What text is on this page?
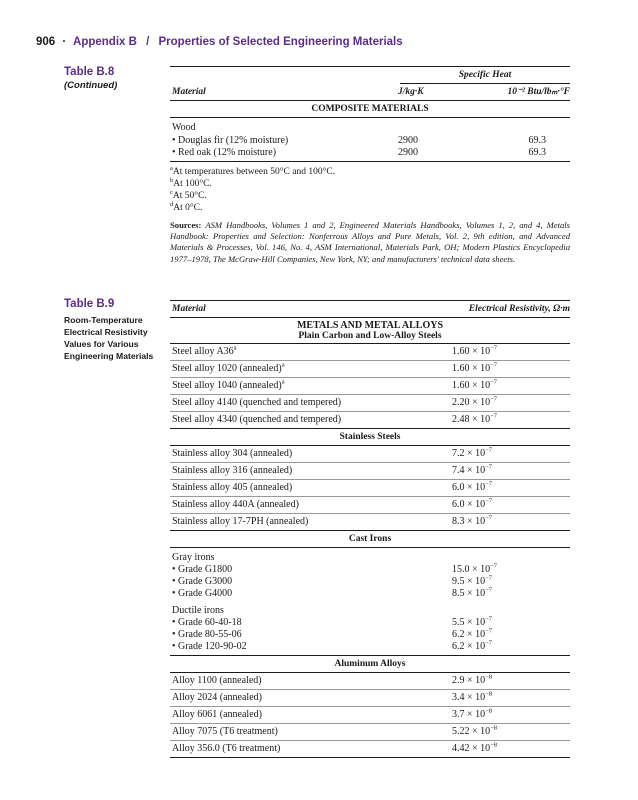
906 · Appendix B / Properties of Selected Engineering Materials
Table B.8
(Continued)
Specific Heat
Material	J/kg·K	10⁻² Btu/lbₘ·°F
COMPOSITE MATERIALS
Wood
• Douglas fir (12% moisture)	2900	69.3
• Red oak (12% moisture)	2900	69.3
$^a$At temperatures between 50°C and 100°C.
$^b$At 100°C.
$^c$At 50°C.
$^d$At 0°C.
Sources: ASM Handbooks, Volumes 1 and 2, Engineered Materials Handbooks, Volumes 1, 2, and 4, Metals Handbook: Properties and Selection: Nonferrous Alloys and Pure Metals, Vol. 2, 9th edition, and Advanced Materials & Processes, Vol. 146, No. 4, ASM International, Materials Park, OH; Modern Plastics Encyclopedia 1977–1978, The McGraw-Hill Companies, New York, NY; and manufacturers' technical data sheets.
Table B.9
Room-Temperature Electrical Resistivity Values for Various Engineering Materials
Material	Electrical Resistivity, Ω·m
METALS AND METAL ALLOYS
Plain Carbon and Low-Alloy Steels
Steel alloy A36$^a$	$1.60 \times 10^{-7}$
Steel alloy 1020 (annealed)$^a$	$1.60 \times 10^{-7}$
Steel alloy 1040 (annealed)$^a$	$1.60 \times 10^{-7}$
Steel alloy 4140 (quenched and tempered)	$2.20 \times 10^{-7}$
Steel alloy 4340 (quenched and tempered)	$2.48 \times 10^{-7}$
Stainless Steels
Stainless alloy 304 (annealed)	$7.2 \times 10^{-7}$
Stainless alloy 316 (annealed)	$7.4 \times 10^{-7}$
Stainless alloy 405 (annealed)	$6.0 \times 10^{-7}$
Stainless alloy 440A (annealed)	$6.0 \times 10^{-7}$
Stainless alloy 17-7PH (annealed)	$8.3 \times 10^{-7}$
Cast Irons
Gray irons
• Grade G1800	$15.0 \times 10^{-7}$
• Grade G3000	$9.5 \times 10^{-7}$
• Grade G4000	$8.5 \times 10^{-7}$
Ductile irons
• Grade 60-40-18	$5.5 \times 10^{-7}$
• Grade 80-55-06	$6.2 \times 10^{-7}$
• Grade 120-90-02	$6.2 \times 10^{-7}$
Aluminum Alloys
Alloy 1100 (annealed)	$2.9 \times 10^{-8}$
Alloy 2024 (annealed)	$3.4 \times 10^{-8}$
Alloy 6061 (annealed)	$3.7 \times 10^{-8}$
Alloy 7075 (T6 treatment)	$5.22 \times 10^{-8}$
Alloy 356.0 (T6 treatment)	$4.42 \times 10^{-8}$
